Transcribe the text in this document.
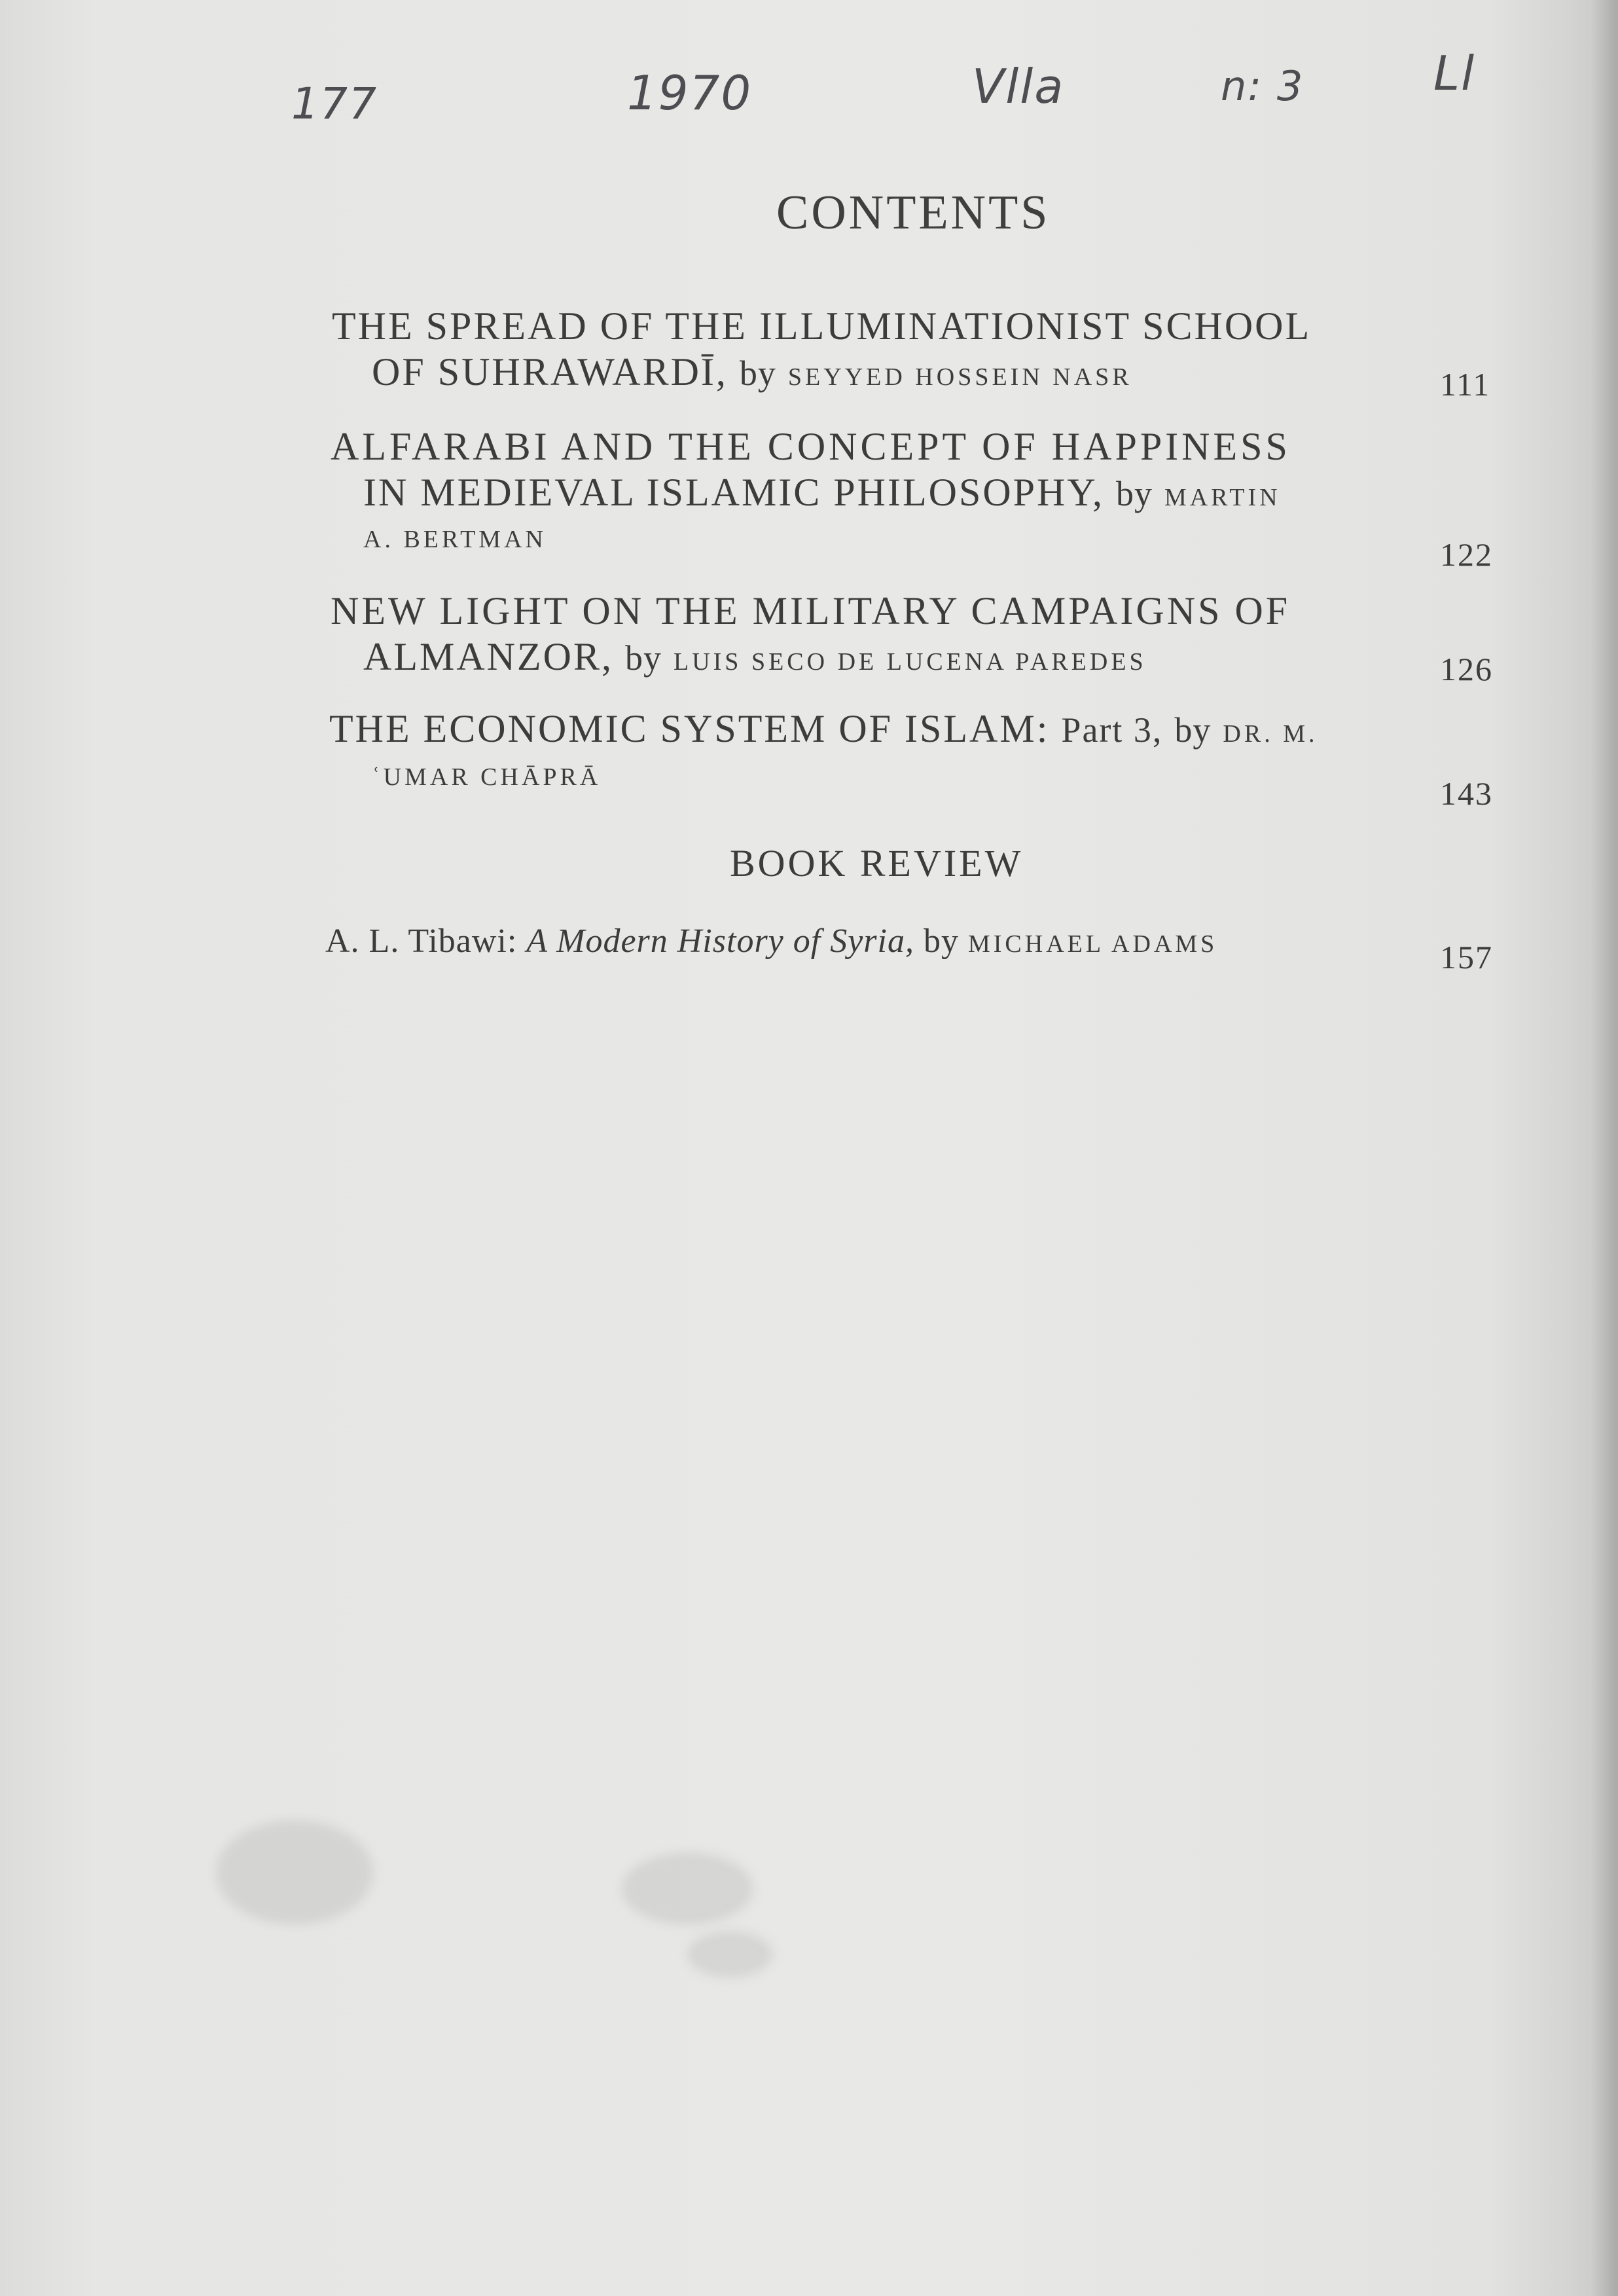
177	1970	Vlla	n: 3	Ll
CONTENTS
THE SPREAD OF THE ILLUMINATIONIST SCHOOL
OF SUHRAWARDĪ, by SEYYED HOSSEIN NASR	111
ALFARABI AND THE CONCEPT OF HAPPINESS
IN MEDIEVAL ISLAMIC PHILOSOPHY, by MARTIN
A. BERTMAN	122
NEW LIGHT ON THE MILITARY CAMPAIGNS OF
ALMANZOR, by LUIS SECO DE LUCENA PAREDES	126
THE ECONOMIC SYSTEM OF ISLAM: Part 3, by DR. M.
ʿUMAR CHĀPRĀ	143
BOOK REVIEW
A. L. Tibawi: A Modern History of Syria, by MICHAEL ADAMS	157
